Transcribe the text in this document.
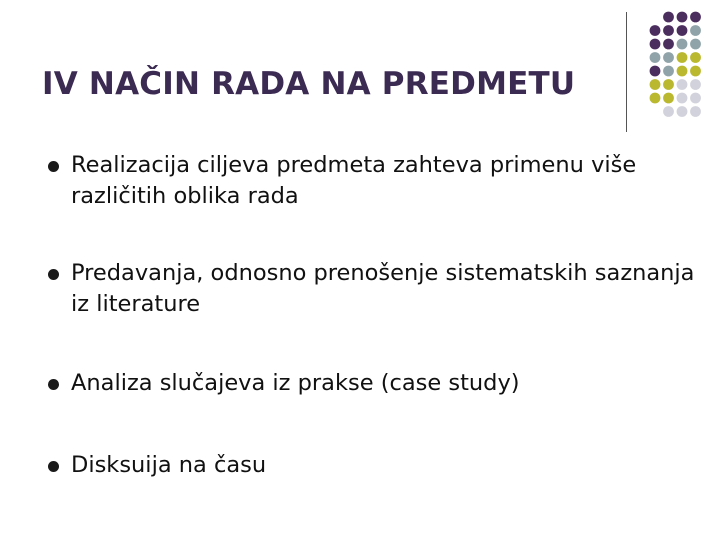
IV NAČIN RADA NA PREDMETU
Realizacija ciljeva predmeta zahteva primenu više različitih oblika rada
Predavanja, odnosno prenošenje sistematskih saznanja iz literature
Analiza slučajeva iz prakse (case study)
Disksuija na času
